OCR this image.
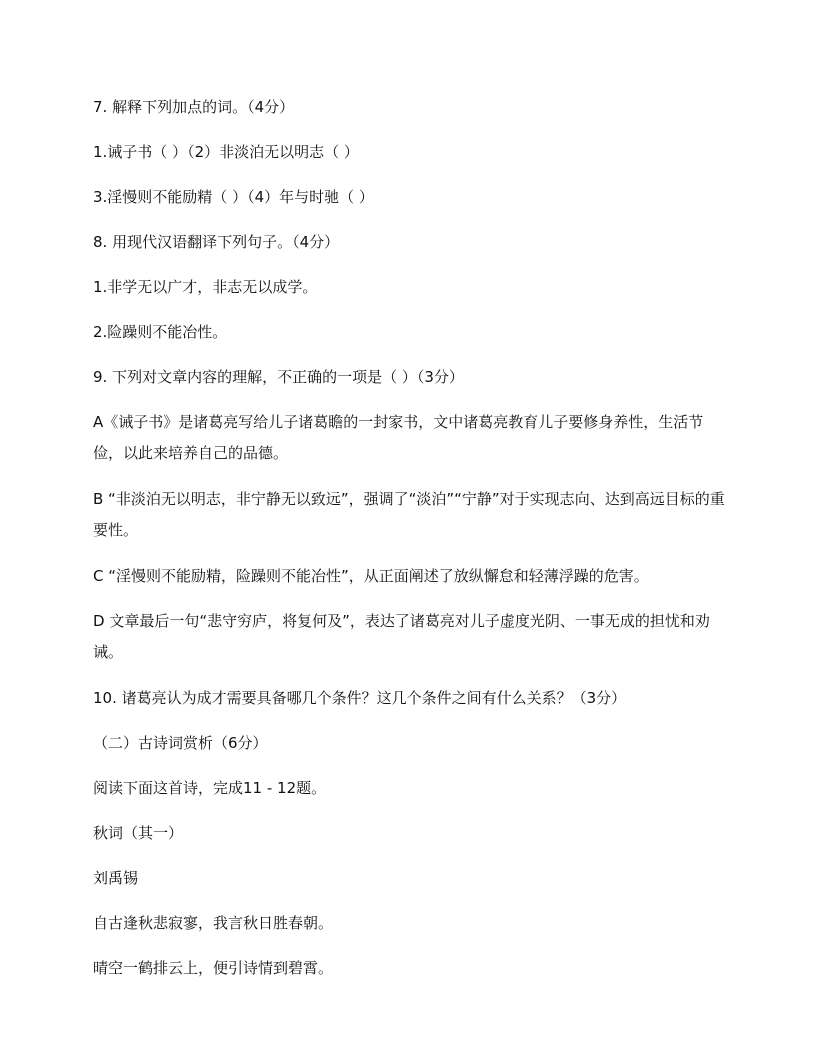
7. 解释下列加点的词。（4分）

1.诫子书（ ）（2）非淡泊无以明志（ ）

3.淫慢则不能励精（ ）（4）年与时驰（ ）

8. 用现代汉语翻译下列句子。（4分）

1.非学无以广才，非志无以成学。

2.险躁则不能冶性。

9. 下列对文章内容的理解，不正确的一项是（ ）（3分）

A《诫子书》是诸葛亮写给儿子诸葛瞻的一封家书，文中诸葛亮教育儿子要修身养性，生活节俭，以此来培养自己的品德。

B “非淡泊无以明志，非宁静无以致远”，强调了“淡泊”“宁静”对于实现志向、达到高远目标的重要性。

C “淫慢则不能励精，险躁则不能冶性”，从正面阐述了放纵懈怠和轻薄浮躁的危害。

D 文章最后一句“悲守穷庐，将复何及”，表达了诸葛亮对儿子虚度光阴、一事无成的担忧和劝诫。

10. 诸葛亮认为成才需要具备哪几个条件？这几个条件之间有什么关系？（3分）

（二）古诗词赏析（6分）

阅读下面这首诗，完成11 - 12题。

秋词（其一）

刘禹锡

自古逢秋悲寂寥，我言秋日胜春朝。

晴空一鹤排云上，便引诗情到碧霄。
